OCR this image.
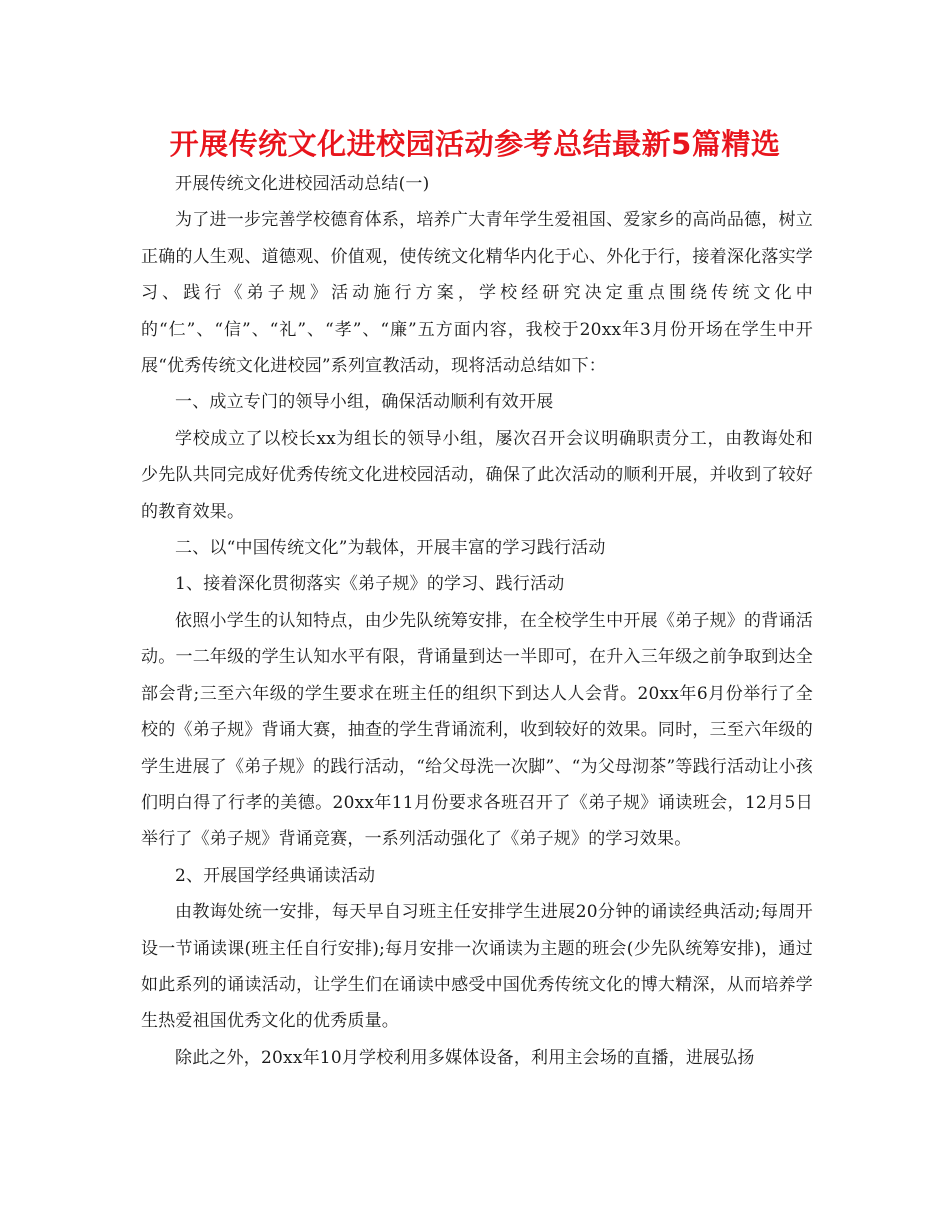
开展传统文化进校园活动参考总结最新5篇精选

开展传统文化进校园活动总结(一)

为了进一步完善学校德育体系，培养广大青年学生爱祖国、爱家乡的高尚品德，树立正确的人生观、道德观、价值观，使传统文化精华内化于心、外化于行，接着深化落实学习、践行《弟子规》活动施行方案，学校经研究决定重点围绕传统文化中的“仁”、“信”、“礼”、“孝”、“廉”五方面内容，我校于20xx年3月份开场在学生中开展“优秀传统文化进校园”系列宣教活动，现将活动总结如下：

一、成立专门的领导小组，确保活动顺利有效开展

学校成立了以校长xx为组长的领导小组，屡次召开会议明确职责分工，由教诲处和少先队共同完成好优秀传统文化进校园活动，确保了此次活动的顺利开展，并收到了较好的教育效果。

二、以“中国传统文化”为载体，开展丰富的学习践行活动

1、接着深化贯彻落实《弟子规》的学习、践行活动

依照小学生的认知特点，由少先队统筹安排，在全校学生中开展《弟子规》的背诵活动。一二年级的学生认知水平有限，背诵量到达一半即可，在升入三年级之前争取到达全部会背;三至六年级的学生要求在班主任的组织下到达人人会背。20xx年6月份举行了全校的《弟子规》背诵大赛，抽查的学生背诵流利，收到较好的效果。同时，三至六年级的学生进展了《弟子规》的践行活动，“给父母洗一次脚”、“为父母沏茶”等践行活动让小孩们明白得了行孝的美德。20xx年11月份要求各班召开了《弟子规》诵读班会，12月5日举行了《弟子规》背诵竞赛，一系列活动强化了《弟子规》的学习效果。

2、开展国学经典诵读活动

由教诲处统一安排，每天早自习班主任安排学生进展20分钟的诵读经典活动;每周开设一节诵读课(班主任自行安排);每月安排一次诵读为主题的班会(少先队统筹安排)，通过如此系列的诵读活动，让学生们在诵读中感受中国优秀传统文化的博大精深，从而培养学生热爱祖国优秀文化的优秀质量。

除此之外，20xx年10月学校利用多媒体设备，利用主会场的直播，进展弘扬
